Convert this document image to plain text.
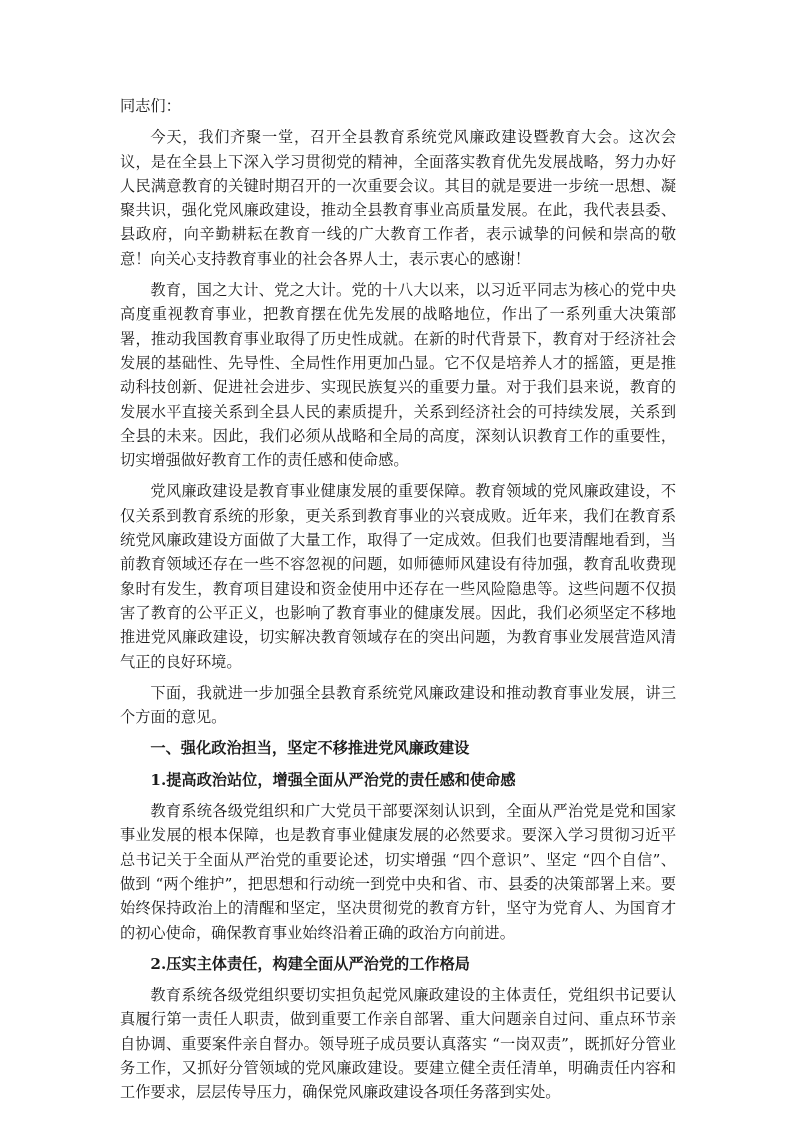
同志们：

今天，我们齐聚一堂，召开全县教育系统党风廉政建设暨教育大会。这次会议，是在全县上下深入学习贯彻党的精神，全面落实教育优先发展战略，努力办好人民满意教育的关键时期召开的一次重要会议。其目的就是要进一步统一思想、凝聚共识，强化党风廉政建设，推动全县教育事业高质量发展。在此，我代表县委、县政府，向辛勤耕耘在教育一线的广大教育工作者，表示诚挚的问候和崇高的敬意！向关心支持教育事业的社会各界人士，表示衷心的感谢！

教育，国之大计、党之大计。党的十八大以来，以习近平同志为核心的党中央高度重视教育事业，把教育摆在优先发展的战略地位，作出了一系列重大决策部署，推动我国教育事业取得了历史性成就。在新的时代背景下，教育对于经济社会发展的基础性、先导性、全局性作用更加凸显。它不仅是培养人才的摇篮，更是推动科技创新、促进社会进步、实现民族复兴的重要力量。对于我们县来说，教育的发展水平直接关系到全县人民的素质提升，关系到经济社会的可持续发展，关系到全县的未来。因此，我们必须从战略和全局的高度，深刻认识教育工作的重要性，切实增强做好教育工作的责任感和使命感。

党风廉政建设是教育事业健康发展的重要保障。教育领域的党风廉政建设，不仅关系到教育系统的形象，更关系到教育事业的兴衰成败。近年来，我们在教育系统党风廉政建设方面做了大量工作，取得了一定成效。但我们也要清醒地看到，当前教育领域还存在一些不容忽视的问题，如师德师风建设有待加强，教育乱收费现象时有发生，教育项目建设和资金使用中还存在一些风险隐患等。这些问题不仅损害了教育的公平正义，也影响了教育事业的健康发展。因此，我们必须坚定不移地推进党风廉政建设，切实解决教育领域存在的突出问题，为教育事业发展营造风清气正的良好环境。

下面，我就进一步加强全县教育系统党风廉政建设和推动教育事业发展，讲三个方面的意见。

一、强化政治担当，坚定不移推进党风廉政建设

1.提高政治站位，增强全面从严治党的责任感和使命感

教育系统各级党组织和广大党员干部要深刻认识到，全面从严治党是党和国家事业发展的根本保障，也是教育事业健康发展的必然要求。要深入学习贯彻习近平总书记关于全面从严治党的重要论述，切实增强 “四个意识”、坚定 “四个自信”、做到 “两个维护”，把思想和行动统一到党中央和省、市、县委的决策部署上来。要始终保持政治上的清醒和坚定，坚决贯彻党的教育方针，坚守为党育人、为国育才的初心使命，确保教育事业始终沿着正确的政治方向前进。

2.压实主体责任，构建全面从严治党的工作格局

教育系统各级党组织要切实担负起党风廉政建设的主体责任，党组织书记要认真履行第一责任人职责，做到重要工作亲自部署、重大问题亲自过问、重点环节亲自协调、重要案件亲自督办。领导班子成员要认真落实 “一岗双责”，既抓好分管业务工作，又抓好分管领域的党风廉政建设。要建立健全责任清单，明确责任内容和工作要求，层层传导压力，确保党风廉政建设各项任务落到实处。
